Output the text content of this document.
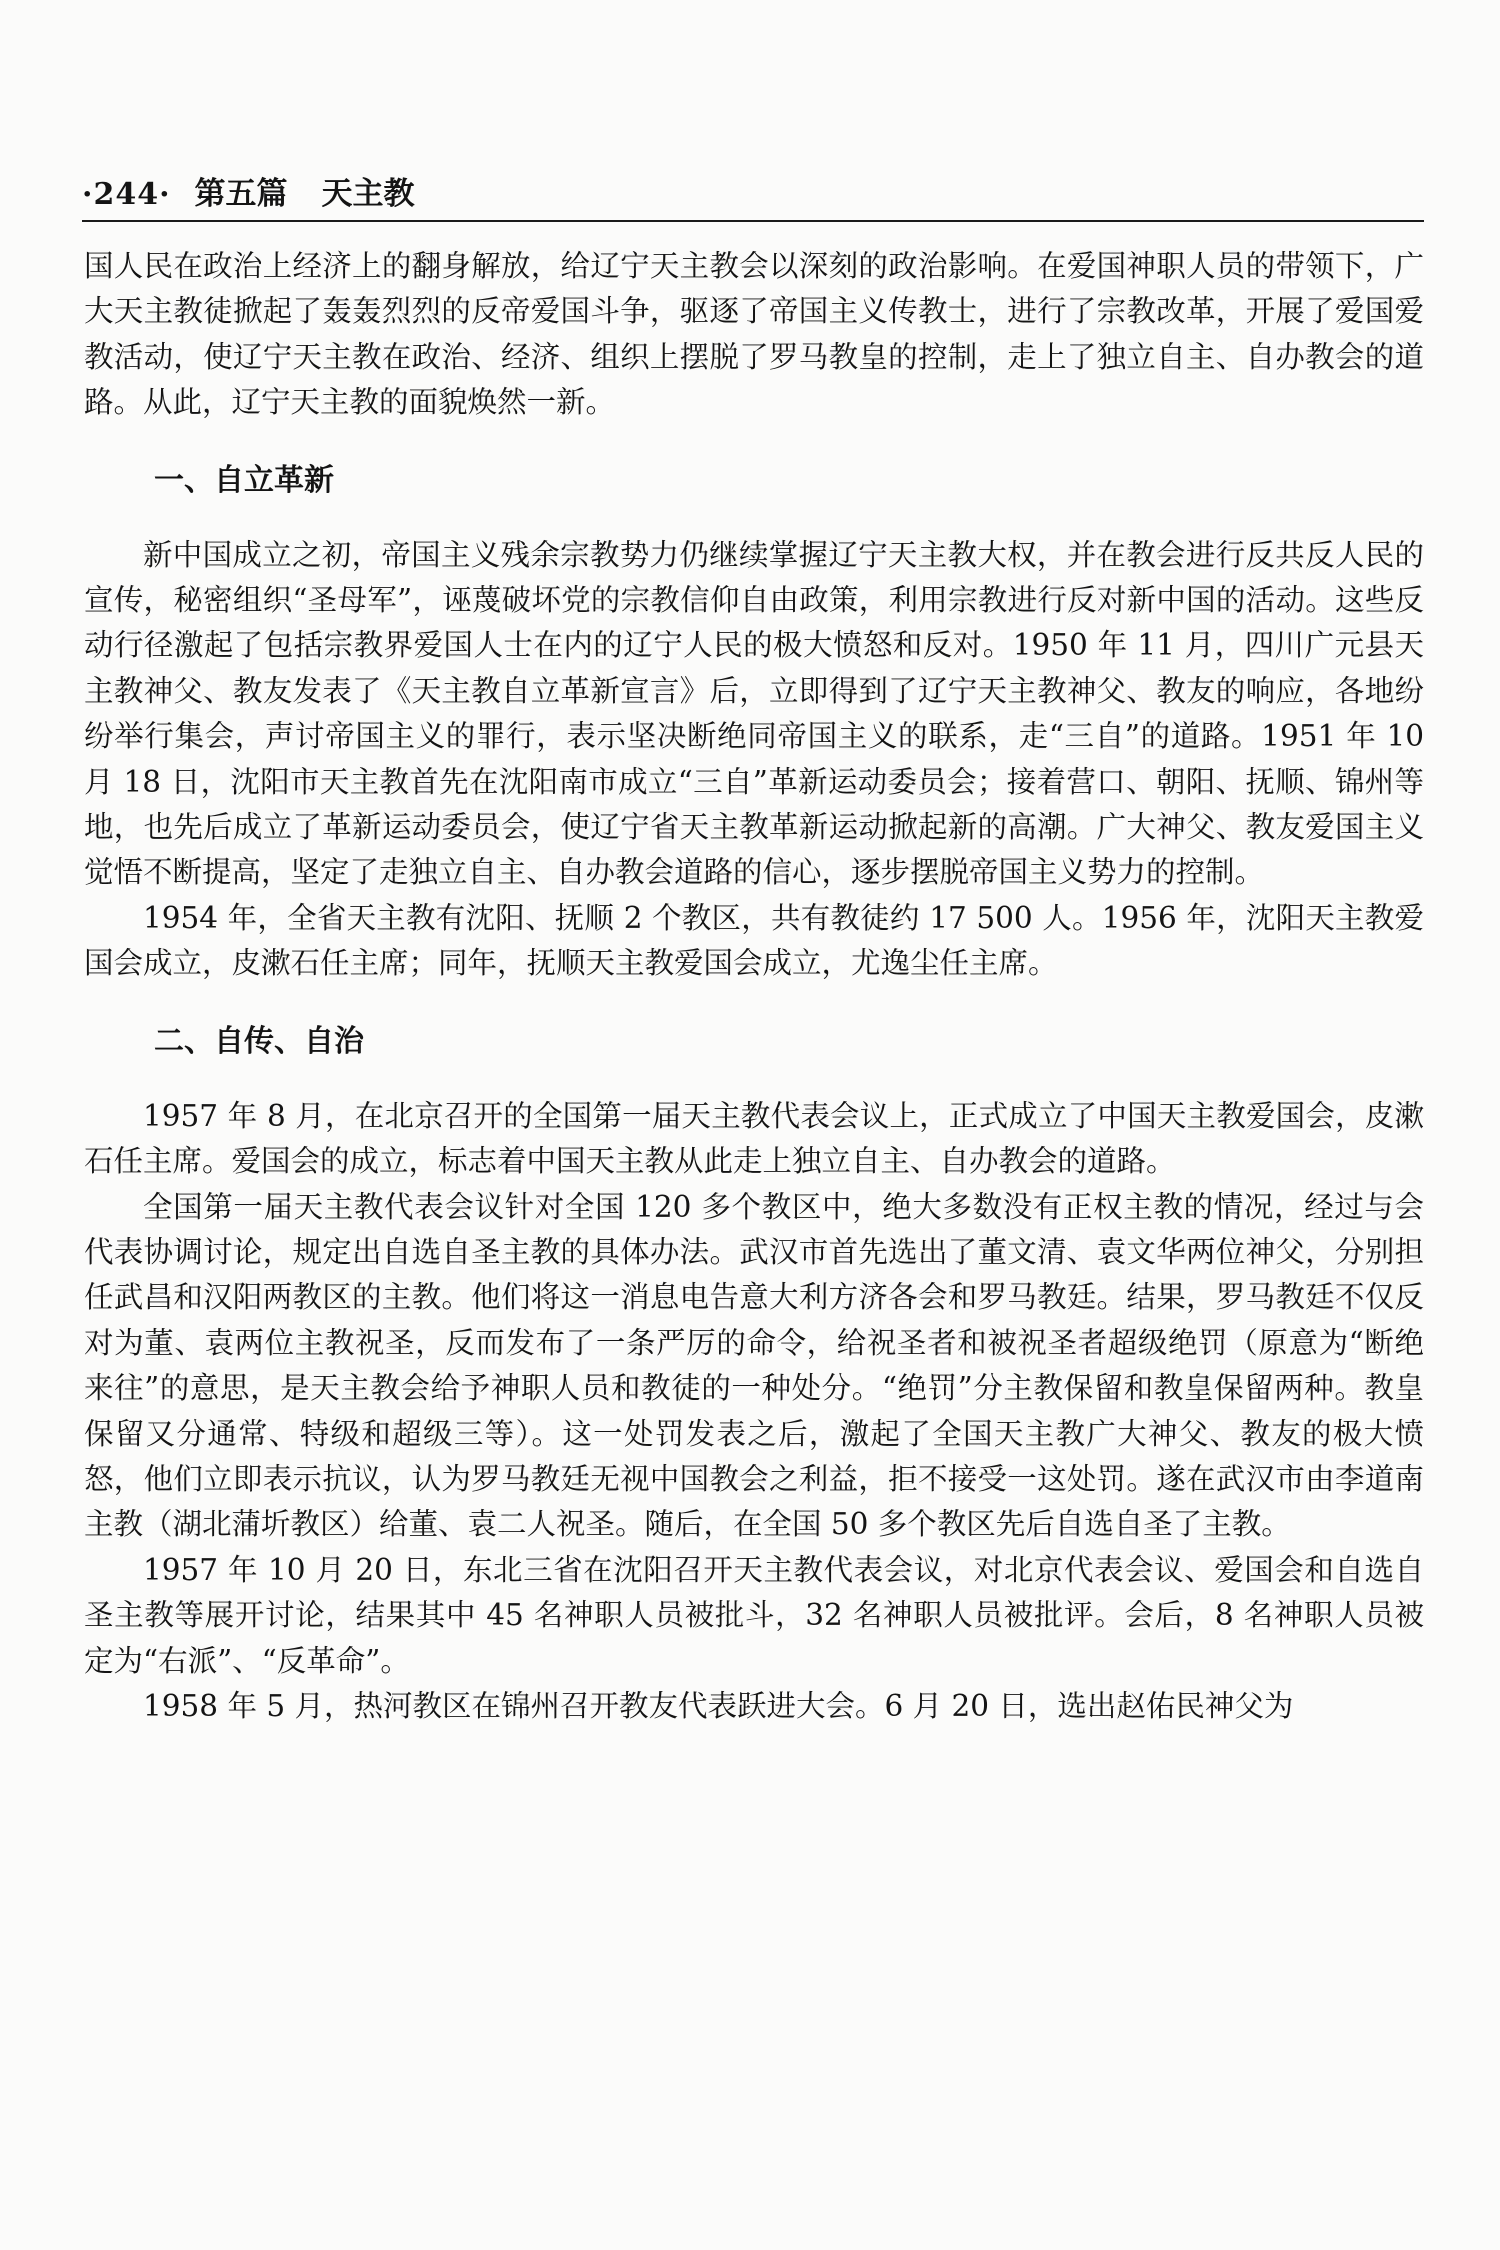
·244· 第五篇 天主教

国人民在政治上经济上的翻身解放，给辽宁天主教会以深刻的政治影响。在爱国神职人员的带领下，广大天主教徒掀起了轰轰烈烈的反帝爱国斗争，驱逐了帝国主义传教士，进行了宗教改革，开展了爱国爱教活动，使辽宁天主教在政治、经济、组织上摆脱了罗马教皇的控制，走上了独立自主、自办教会的道路。从此，辽宁天主教的面貌焕然一新。

一、自立革新

新中国成立之初，帝国主义残余宗教势力仍继续掌握辽宁天主教大权，并在教会进行反共反人民的宣传，秘密组织“圣母军”，诬蔑破坏党的宗教信仰自由政策，利用宗教进行反对新中国的活动。这些反动行径激起了包括宗教界爱国人士在内的辽宁人民的极大愤怒和反对。1950 年 11 月，四川广元县天主教神父、教友发表了《天主教自立革新宣言》后，立即得到了辽宁天主教神父、教友的响应，各地纷纷举行集会，声讨帝国主义的罪行，表示坚决断绝同帝国主义的联系，走“三自”的道路。1951 年 10 月 18 日，沈阳市天主教首先在沈阳南市成立“三自”革新运动委员会；接着营口、朝阳、抚顺、锦州等地，也先后成立了革新运动委员会，使辽宁省天主教革新运动掀起新的高潮。广大神父、教友爱国主义觉悟不断提高，坚定了走独立自主、自办教会道路的信心，逐步摆脱帝国主义势力的控制。

1954 年，全省天主教有沈阳、抚顺 2 个教区，共有教徒约 17 500 人。1956 年，沈阳天主教爱国会成立，皮漱石任主席；同年，抚顺天主教爱国会成立，尤逸尘任主席。

二、自传、自治

1957 年 8 月，在北京召开的全国第一届天主教代表会议上，正式成立了中国天主教爱国会，皮漱石任主席。爱国会的成立，标志着中国天主教从此走上独立自主、自办教会的道路。

全国第一届天主教代表会议针对全国 120 多个教区中，绝大多数没有正权主教的情况，经过与会代表协调讨论，规定出自选自圣主教的具体办法。武汉市首先选出了董文清、袁文华两位神父，分别担任武昌和汉阳两教区的主教。他们将这一消息电告意大利方济各会和罗马教廷。结果，罗马教廷不仅反对为董、袁两位主教祝圣，反而发布了一条严厉的命令，给祝圣者和被祝圣者超级绝罚（原意为“断绝来往”的意思，是天主教会给予神职人员和教徒的一种处分。“绝罚”分主教保留和教皇保留两种。教皇保留又分通常、特级和超级三等）。这一处罚发表之后，激起了全国天主教广大神父、教友的极大愤怒，他们立即表示抗议，认为罗马教廷无视中国教会之利益，拒不接受一这处罚。遂在武汉市由李道南主教（湖北蒲圻教区）给董、袁二人祝圣。随后，在全国 50 多个教区先后自选自圣了主教。

1957 年 10 月 20 日，东北三省在沈阳召开天主教代表会议，对北京代表会议、爱国会和自选自圣主教等展开讨论，结果其中 45 名神职人员被批斗，32 名神职人员被批评。会后，8 名神职人员被定为“右派”、“反革命”。

1958 年 5 月，热河教区在锦州召开教友代表跃进大会。6 月 20 日，选出赵佑民神父为
